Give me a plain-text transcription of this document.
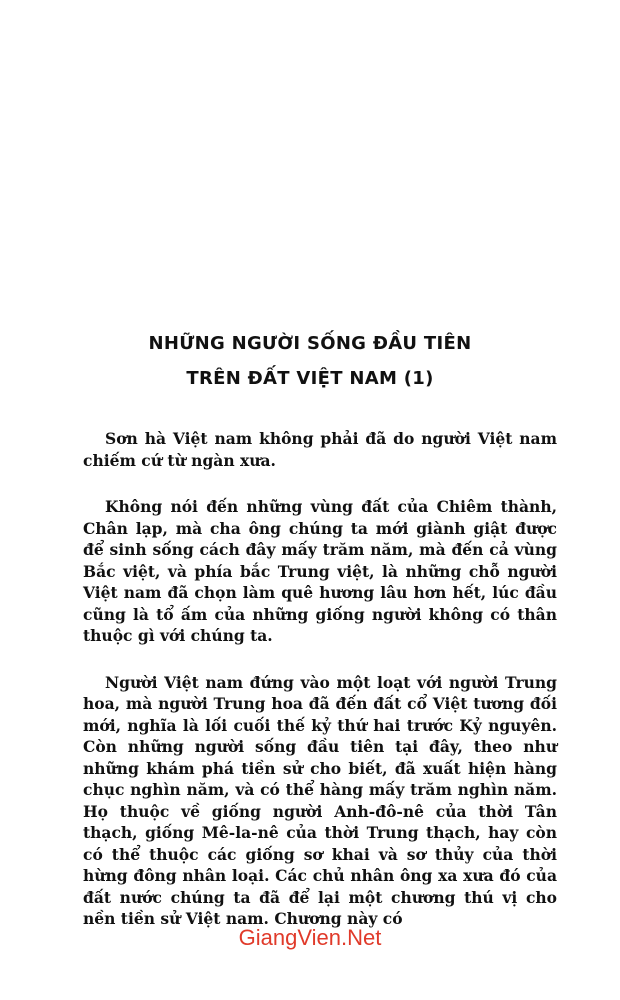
NHỮNG NGƯỜI SỐNG ĐẦU TIÊN
TRÊN ĐẤT VIỆT NAM (1)

Sơn hà Việt nam không phải đã do người Việt nam chiếm cứ từ ngàn xưa.

Không nói đến những vùng đất của Chiêm thành, Chân lạp, mà cha ông chúng ta mới giành giật được để sinh sống cách đây mấy trăm năm, mà đến cả vùng Bắc việt, và phía bắc Trung việt, là những chỗ người Việt nam đã chọn làm quê hương lâu hơn hết, lúc đầu cũng là tổ ấm của những giống người không có thân thuộc gì với chúng ta.

Người Việt nam đứng vào một loạt với người Trung hoa, mà người Trung hoa đã đến đất cổ Việt tương đối mới, nghĩa là lối cuối thế kỷ thứ hai trước Kỷ nguyên. Còn những người sống đầu tiên tại đây, theo như những khám phá tiền sử cho biết, đã xuất hiện hàng chục nghìn năm, và có thể hàng mấy trăm nghìn năm. Họ thuộc về giống người Anh-đô-nê của thời Tân thạch, giống Mê-la-nê của thời Trung thạch, hay còn có thể thuộc các giống sơ khai và sơ thủy của thời hừng đông nhân loại. Các chủ nhân ông xa xưa đó của đất nước chúng ta đã để lại một chương thú vị cho nền tiền sử Việt nam. Chương này có

GiangVien.Net
